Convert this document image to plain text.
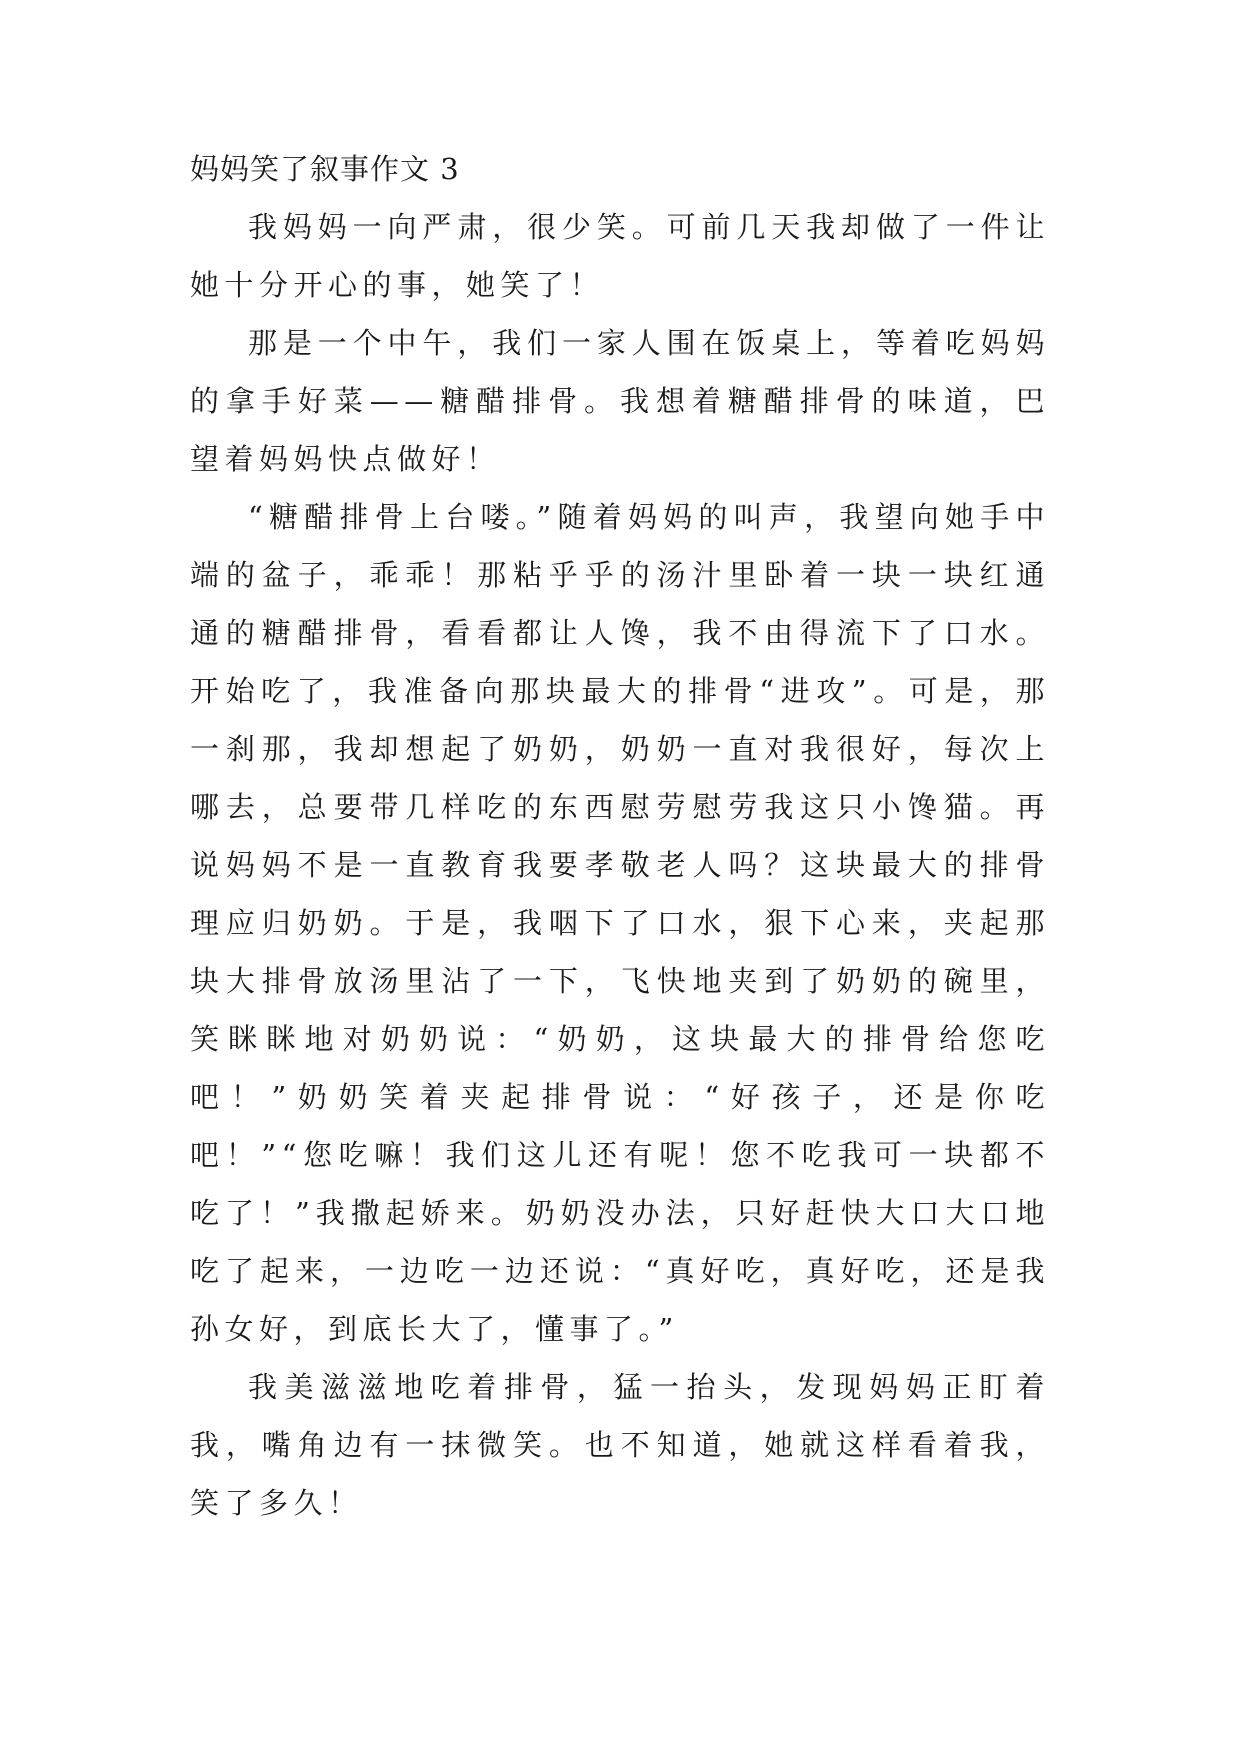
妈妈笑了叙事作文 3

我妈妈一向严肃，很少笑。可前几天我却做了一件让她十分开心的事，她笑了！

那是一个中午，我们一家人围在饭桌上，等着吃妈妈的拿手好菜——糖醋排骨。我想着糖醋排骨的味道，巴望着妈妈快点做好！

“糖醋排骨上台喽。”随着妈妈的叫声，我望向她手中端的盆子，乖乖！那粘乎乎的汤汁里卧着一块一块红通通的糖醋排骨，看看都让人馋，我不由得流下了口水。开始吃了，我准备向那块最大的排骨“进攻”。可是，那一刹那，我却想起了奶奶，奶奶一直对我很好，每次上哪去，总要带几样吃的东西慰劳慰劳我这只小馋猫。再说妈妈不是一直教育我要孝敬老人吗？这块最大的排骨理应归奶奶。于是，我咽下了口水，狠下心来，夹起那块大排骨放汤里沾了一下，飞快地夹到了奶奶的碗里，笑眯眯地对奶奶说：“奶奶，这块最大的排骨给您吃吧！”奶奶笑着夹起排骨说：“好孩子，还是你吃吧！”“您吃嘛！我们这儿还有呢！您不吃我可一块都不吃了！”我撒起娇来。奶奶没办法，只好赶快大口大口地吃了起来，一边吃一边还说：“真好吃，真好吃，还是我孙女好，到底长大了，懂事了。”

我美滋滋地吃着排骨，猛一抬头，发现妈妈正盯着我，嘴角边有一抹微笑。也不知道，她就这样看着我，笑了多久！
